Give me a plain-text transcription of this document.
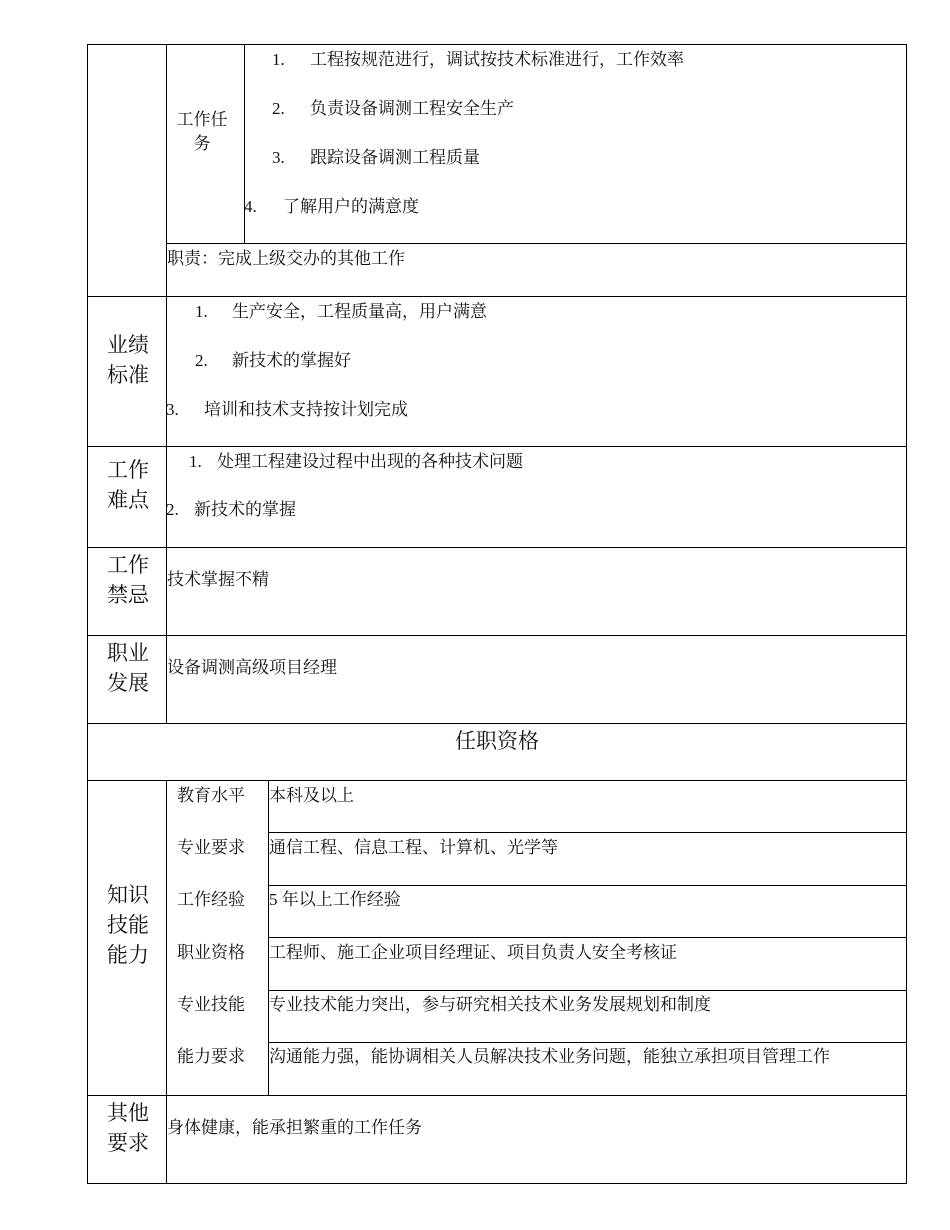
工作任务
1. 工程按规范进行，调试按技术标准进行，工作效率
2. 负责设备调测工程安全生产
3. 跟踪设备调测工程质量
4. 了解用户的满意度
职责：完成上级交办的其他工作
业绩标准
1. 生产安全，工程质量高，用户满意
2. 新技术的掌握好
3. 培训和技术支持按计划完成
工作难点
1. 处理工程建设过程中出现的各种技术问题
2. 新技术的掌握
工作禁忌
技术掌握不精
职业发展
设备调测高级项目经理
任职资格
知识技能能力
教育水平 本科及以上
专业要求 通信工程、信息工程、计算机、光学等
工作经验 5 年以上工作经验
职业资格 工程师、施工企业项目经理证、项目负责人安全考核证
专业技能 专业技术能力突出，参与研究相关技术业务发展规划和制度
能力要求 沟通能力强，能协调相关人员解决技术业务问题，能独立承担项目管理工作
其他要求
身体健康，能承担繁重的工作任务
